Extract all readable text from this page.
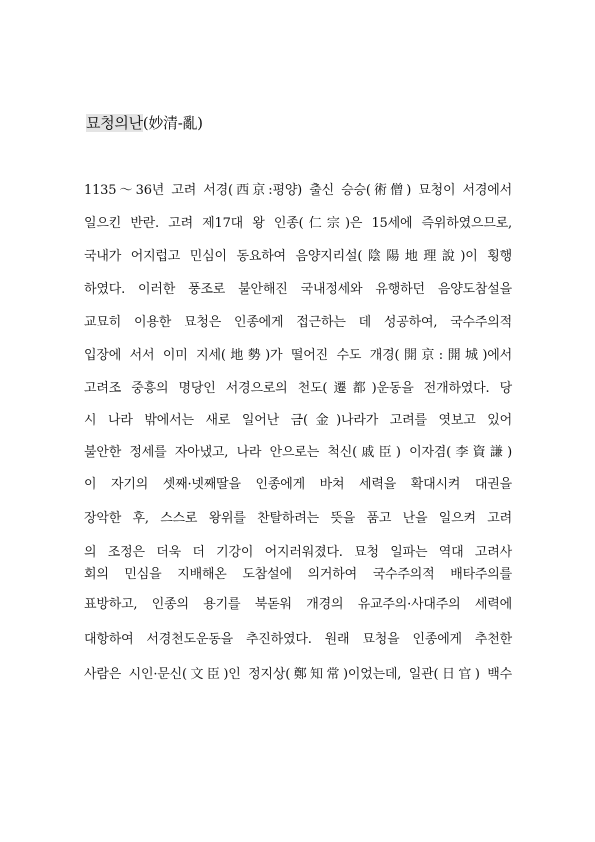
묘청의난(妙清-亂)
1135～36년 고려 서경(西京:평양) 출신 승승(術僧) 묘청이 서경에서
일으킨 반란. 고려 제17대 왕 인종(仁宗)은 15세에 즉위하였으므로,
국내가 어지럽고 민심이 동요하여 음양지리설(陰陽地理說)이 횡행
하였다. 이러한 풍조로 불안해진 국내정세와 유행하던 음양도참설을
교묘히 이용한 묘청은 인종에게 접근하는 데 성공하여, 국수주의적
입장에 서서 이미 지세(地勢)가 떨어진 수도 개경(開京:開城)에서
고려조 중흥의 명당인 서경으로의 천도(遷都)운동을 전개하였다. 당
시 나라 밖에서는 새로 일어난 금(金)나라가 고려를 엿보고 있어
불안한 정세를 자아냈고, 나라 안으로는 척신(戚臣) 이자겸(李資謙)
이 자기의 셋째·넷째딸을 인종에게 바쳐 세력을 확대시켜 대권을
장악한 후, 스스로 왕위를 찬탈하려는 뜻을 품고 난을 일으켜 고려
의 조정은 더욱 더 기강이 어지러워졌다. 묘청 일파는 역대 고려사
회의 민심을 지배해온 도참설에 의거하여 국수주의적 배타주의를
표방하고, 인종의 용기를 북돋워 개경의 유교주의·사대주의 세력에
대항하여 서경천도운동을 추진하였다. 원래 묘청을 인종에게 추천한
사람은 시인·문신(文臣)인 정지상(鄭知常)이었는데, 일관(日官) 백수
